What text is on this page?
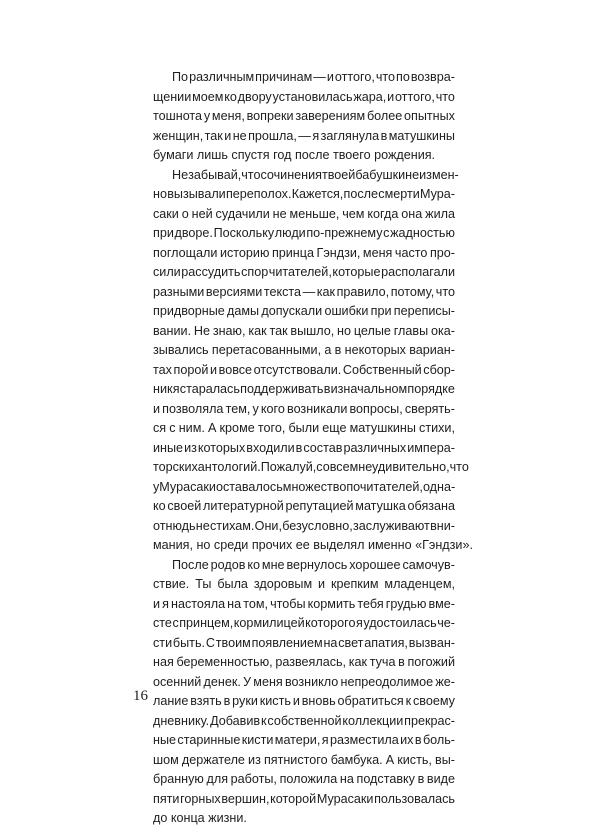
По различным причинам — и оттого, что по возвра-
щении моем ко двору установилась жара, и оттого, что
тошнота у меня, вопреки заверениям более опытных
женщин, так и не прошла, — я заглянула в матушкины
бумаги лишь спустя год после твоего рождения.
Не забывай, что сочинения твоей бабушки неизмен-
но вызывали переполох. Кажется, после смерти Мура-
саки о ней судачили не меньше, чем когда она жила
при дворе. Поскольку люди по-прежнему с жадностью
поглощали историю принца Гэндзи, меня часто про-
сили рассудить спор читателей, которые располагали
разными версиями текста — как правило, потому, что
придворные дамы допускали ошибки при переписы-
вании. Не знаю, как так вышло, но целые главы ока-
зывались перетасованными, а в некоторых вариан-
тах порой и вовсе отсутствовали. Собственный сбор-
ник я старалась поддерживать в изначальном порядке
и позволяла тем, у кого возникали вопросы, сверять-
ся с ним. А кроме того, были еще матушкины стихи,
иные из которых входили в состав различных импера-
торских антологий. Пожалуй, совсем неудивительно, что
у Мурасаки оставалось множество почитателей, одна-
ко своей литературной репутацией матушка обязана
отнюдь не стихам. Они, безусловно, заслуживают вни-
мания, но среди прочих ее выделял именно «Гэндзи».
После родов ко мне вернулось хорошее самочув-
ствие. Ты была здоровым и крепким младенцем,
и я настояла на том, чтобы кормить тебя грудью вме-
сте с принцем, кормилицей которого я удостоилась че-
сти быть. С твоим появлением на свет апатия, вызван-
ная беременностью, развеялась, как туча в погожий
осенний денек. У меня возникло непреодолимое же-
лание взять в руки кисть и вновь обратиться к своему
дневнику. Добавив к собственной коллекции прекрас-
ные старинные кисти матери, я разместила их в боль-
шом держателе из пятнистого бамбука. А кисть, вы-
бранную для работы, положила на подставку в виде
пяти горных вершин, которой Мурасаки пользовалась
до конца жизни.
16
